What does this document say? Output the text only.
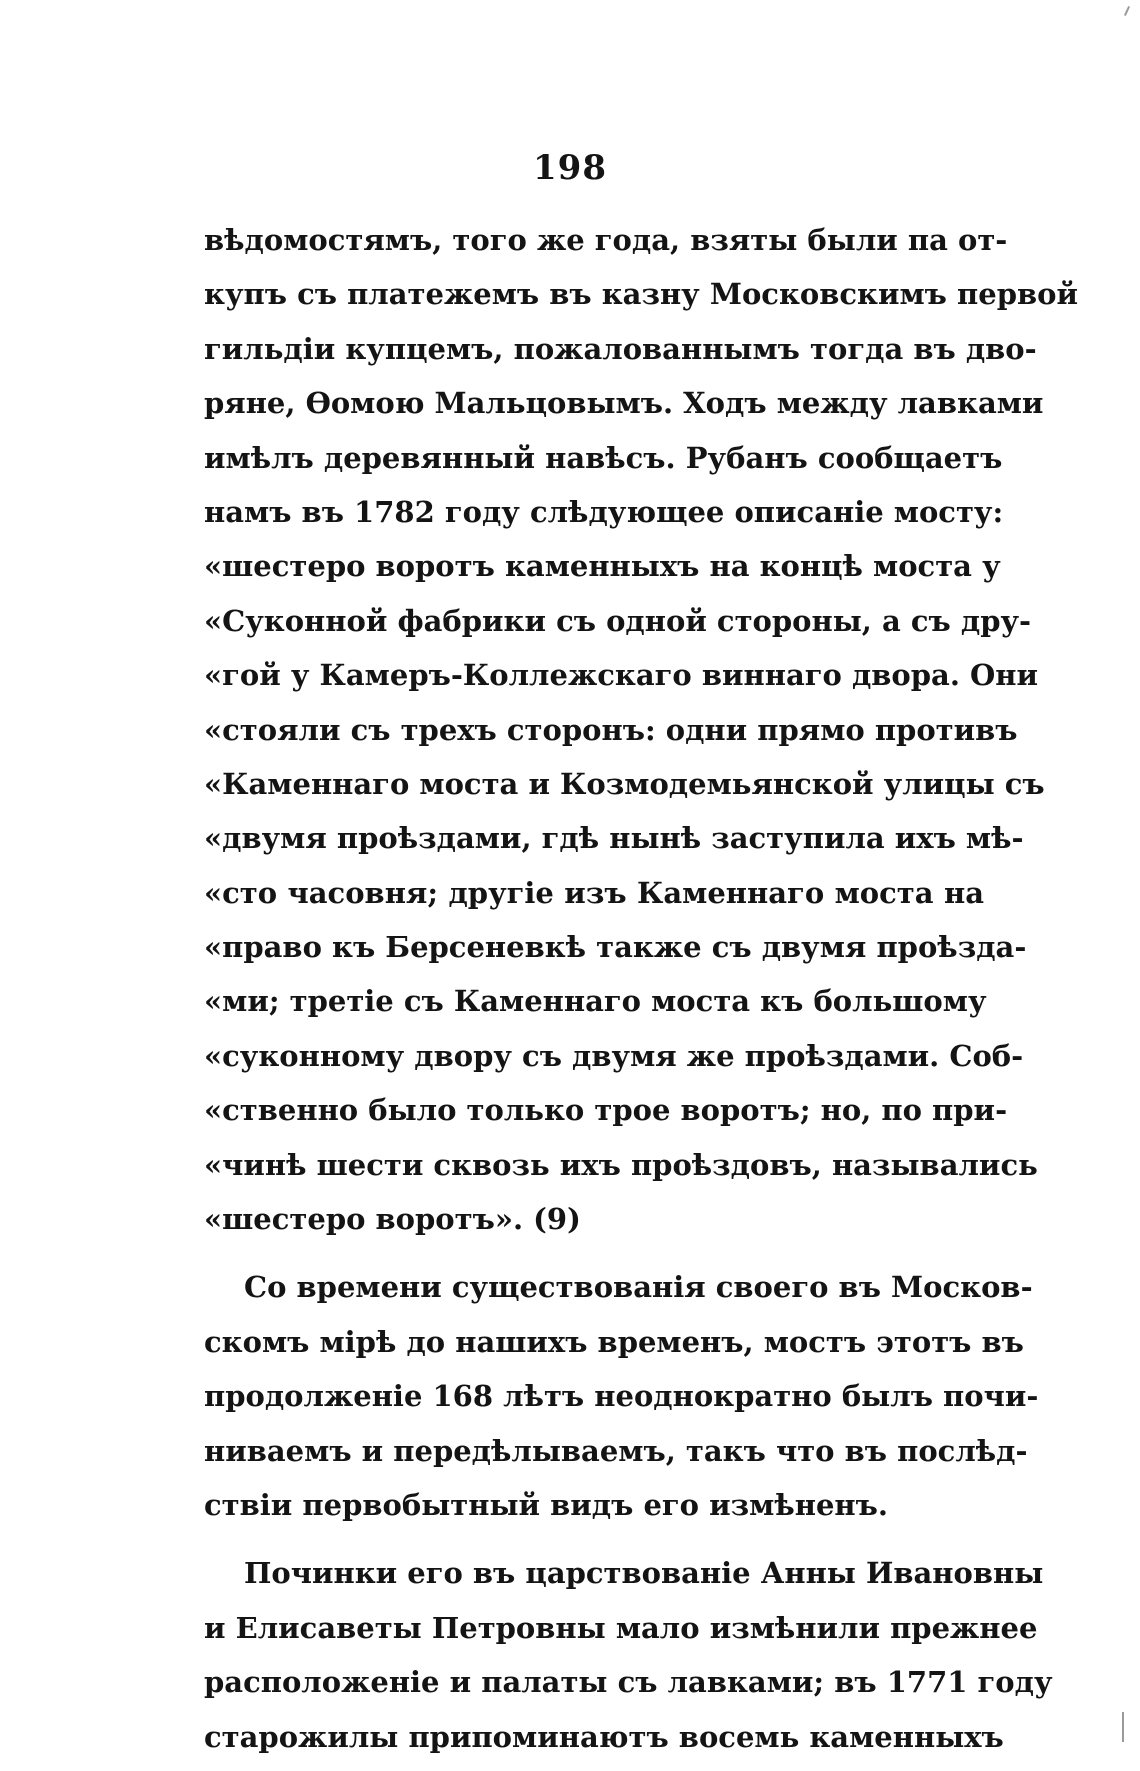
198
вѣдомостямъ, того же года, взяты были па от-
купъ съ платежемъ въ казну Московскимъ первой
гильдіи купцемъ, пожалованнымъ тогда въ дво-
ряне, Ѳомою Мальцовымъ. Ходъ между лавками
имѣлъ деревянный навѣсъ. Рубанъ сообщаетъ
намъ въ 1782 году слѣдующее описаніе мосту:
«шестеро воротъ каменныхъ на концѣ моста у
«Суконной фабрики съ одной стороны, а съ дру-
«гой у Камеръ-Коллежскаго виннаго двора. Они
«стояли съ трехъ сторонъ: одни прямо противъ
«Каменнаго моста и Козмодемьянской улицы съ
«двумя проѣздами, гдѣ нынѣ заступила ихъ мѣ-
«сто часовня; другіе изъ Каменнаго моста на
«право къ Берсеневкѣ также съ двумя проѣзда-
«ми; третіе съ Каменнаго моста къ большому
«суконному двору съ двумя же проѣздами. Соб-
«ственно было только трое воротъ; но, по при-
«чинѣ шести сквозь ихъ проѣздовъ, назывались
«шестеро воротъ». (9)
Со времени существованія своего въ Москов-
скомъ мірѣ до нашихъ временъ, мостъ этотъ въ
продолженіе 168 лѣтъ неоднократно былъ почи-
ниваемъ и передѣлываемъ, такъ что въ послѣд-
ствіи первобытный видъ его измѣненъ.
Починки его въ царствованіе Анны Ивановны
и Елисаветы Петровны мало измѣнили прежнее
расположеніе и палаты съ лавками; въ 1771 году
старожилы припоминаютъ восемь каменныхъ
